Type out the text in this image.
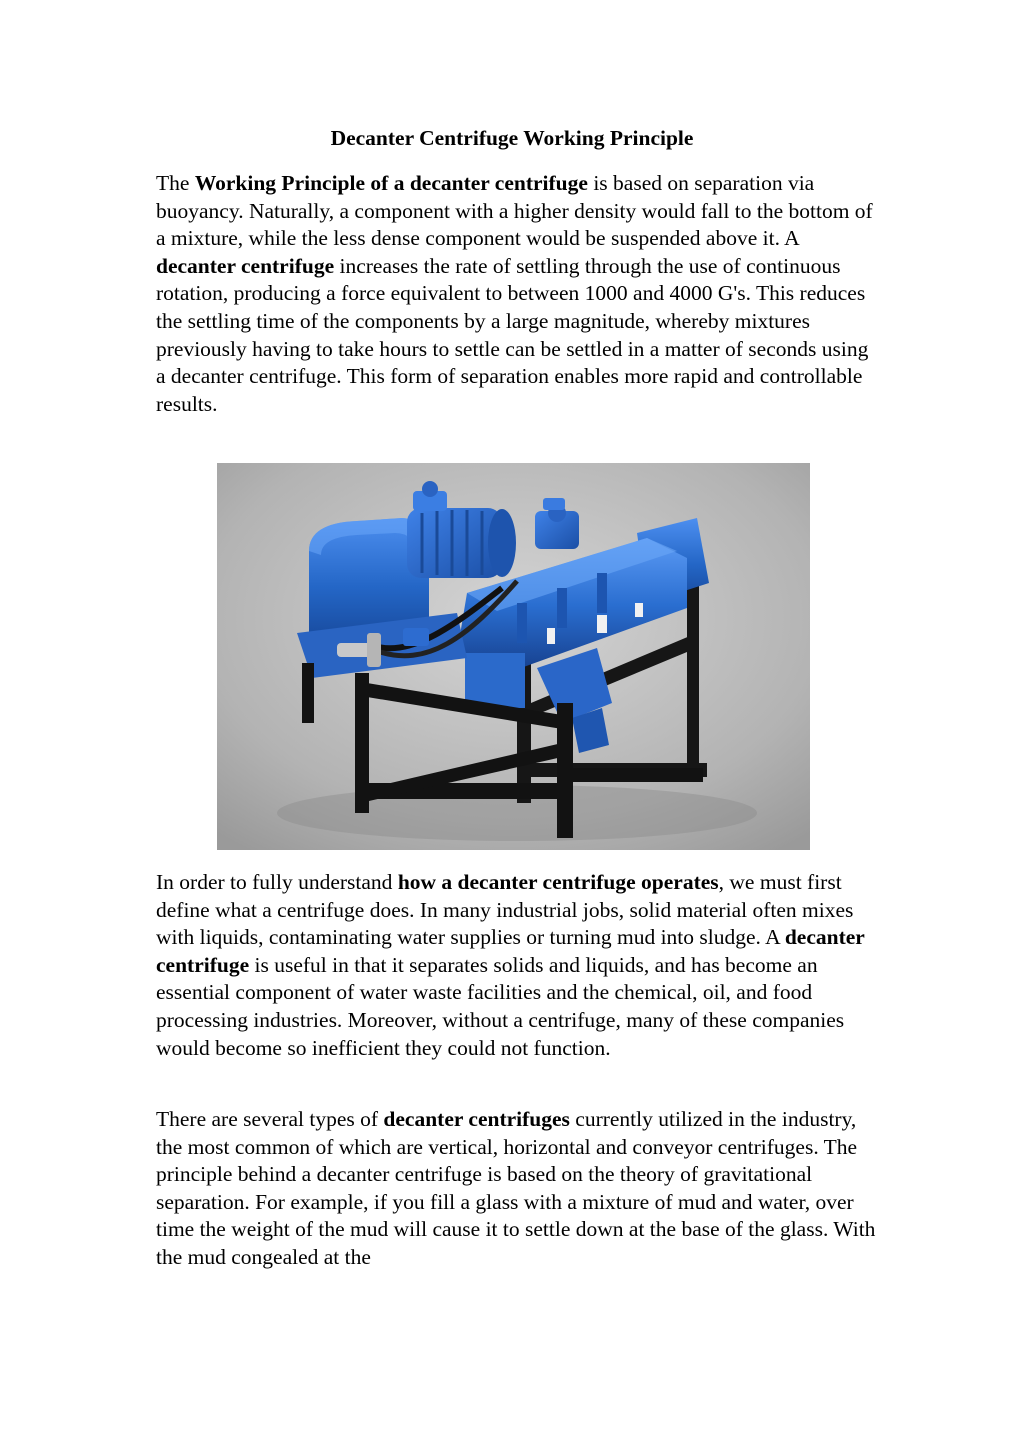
Decanter Centrifuge Working Principle

The Working Principle of a decanter centrifuge is based on separation via buoyancy. Naturally, a component with a higher density would fall to the bottom of a mixture, while the less dense component would be suspended above it. A decanter centrifuge increases the rate of settling through the use of continuous rotation, producing a force equivalent to between 1000 and 4000 G's. This reduces the settling time of the components by a large magnitude, whereby mixtures previously having to take hours to settle can be settled in a matter of seconds using a decanter centrifuge. This form of separation enables more rapid and controllable results.

In order to fully understand how a decanter centrifuge operates, we must first define what a centrifuge does. In many industrial jobs, solid material often mixes with liquids, contaminating water supplies or turning mud into sludge. A decanter centrifuge is useful in that it separates solids and liquids, and has become an essential component of water waste facilities and the chemical, oil, and food processing industries. Moreover, without a centrifuge, many of these companies would become so inefficient they could not function.

There are several types of decanter centrifuges currently utilized in the industry, the most common of which are vertical, horizontal and conveyor centrifuges. The principle behind a decanter centrifuge is based on the theory of gravitational separation. For example, if you fill a glass with a mixture of mud and water, over time the weight of the mud will cause it to settle down at the base of the glass. With the mud congealed at the
